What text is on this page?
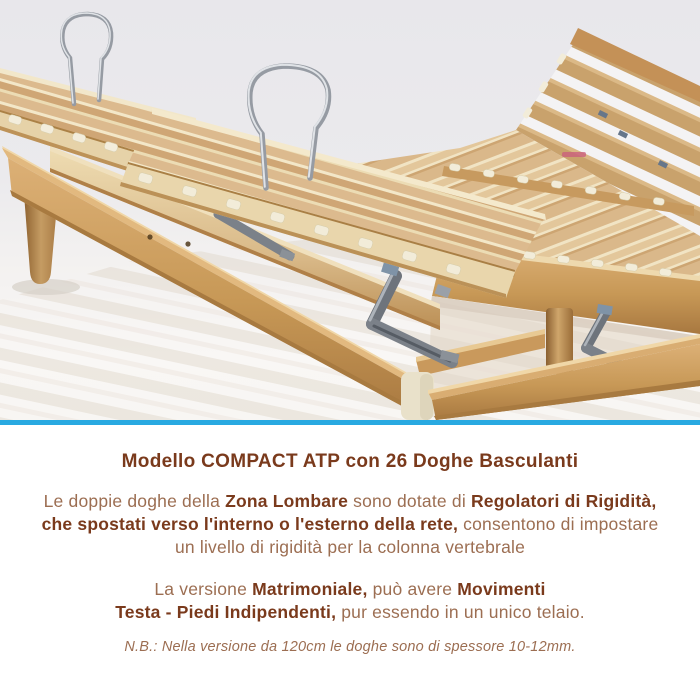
Modello COMPACT ATP con 26 Doghe Basculanti
Le doppie doghe della Zona Lombare sono dotate di Regolatori di Rigidità,
che spostati verso l'interno o l'esterno della rete, consentono di impostare
un livello di rigidità per la colonna vertebrale
La versione Matrimoniale, può avere Movimenti
Testa - Piedi Indipendenti, pur essendo in un unico telaio.
N.B.: Nella versione da 120cm le doghe sono di spessore 10-12mm.
